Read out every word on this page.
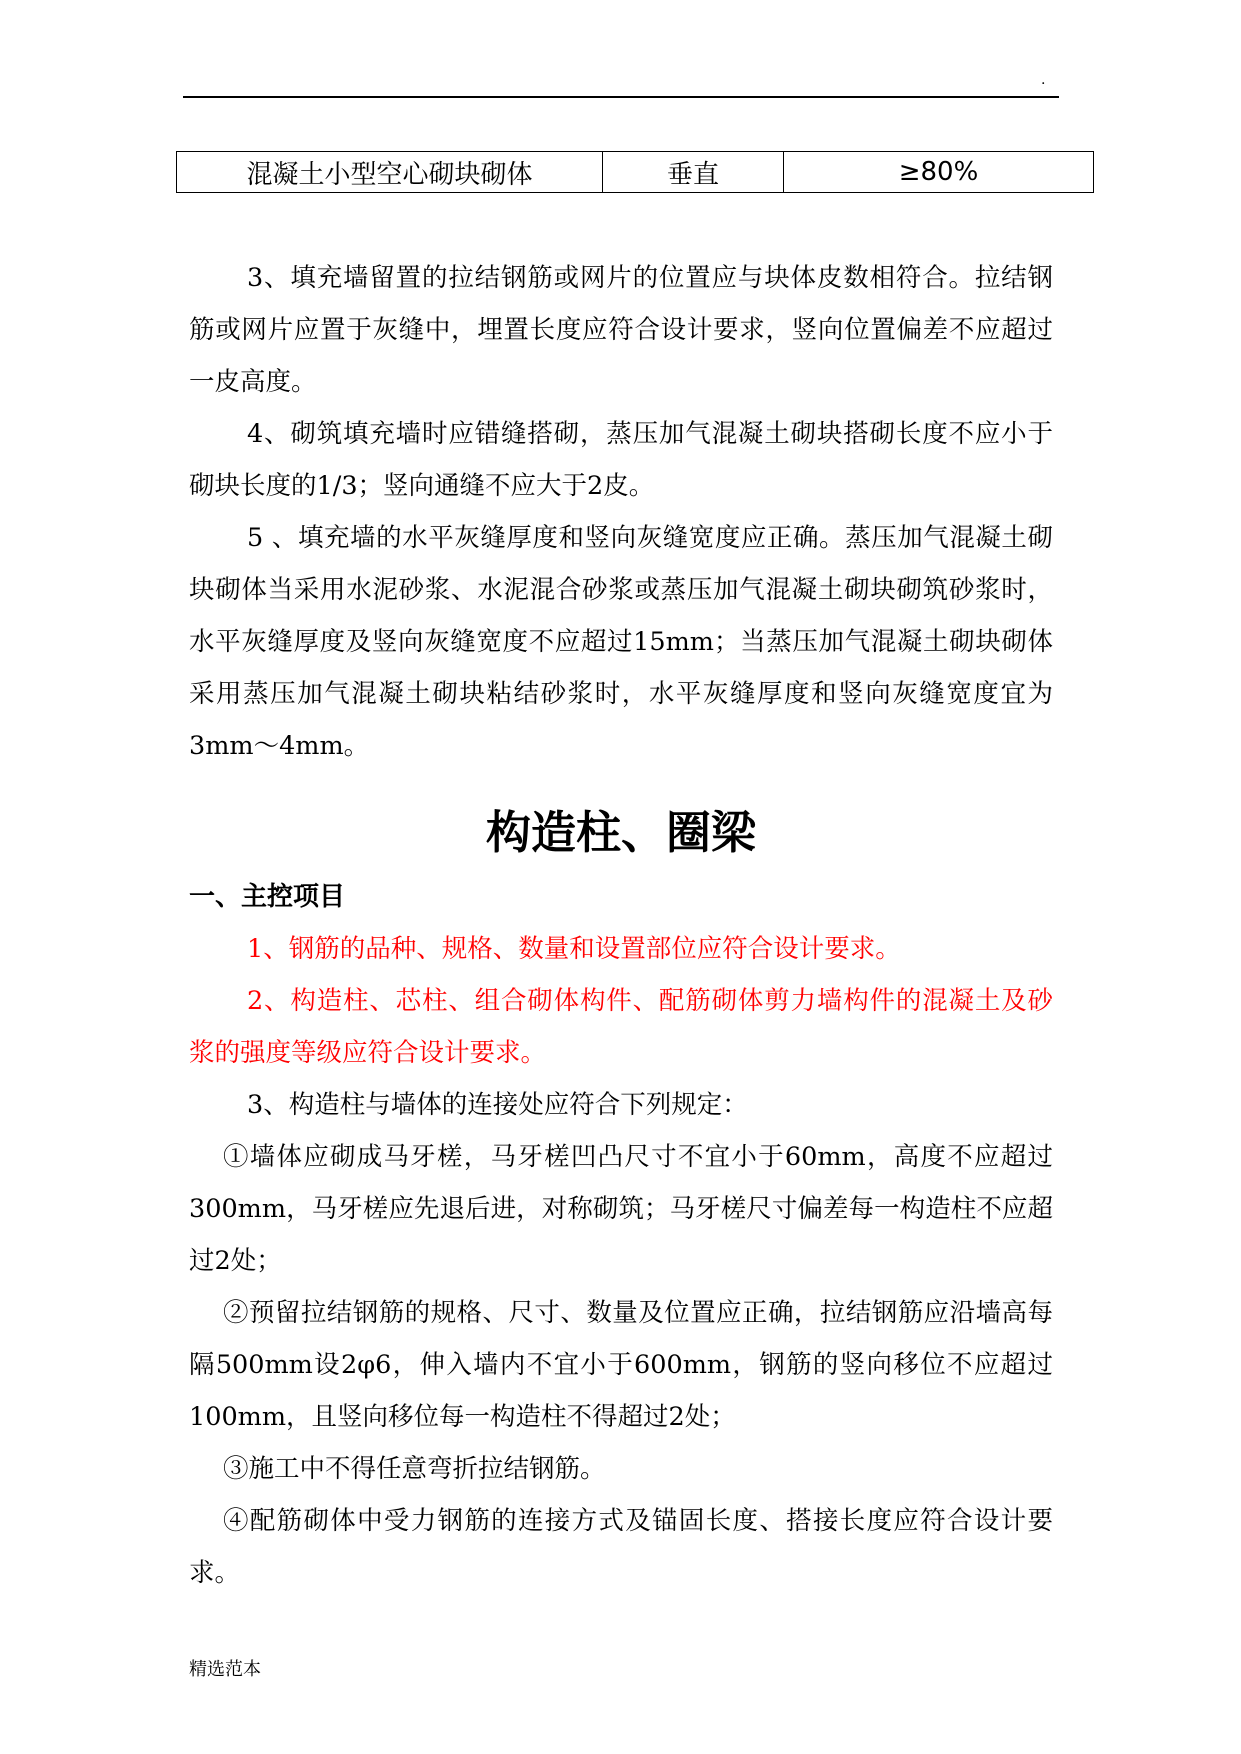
.
混凝土小型空心砌块砌体	垂直	≥80%

3、填充墙留置的拉结钢筋或网片的位置应与块体皮数相符合。拉结钢筋或网片应置于灰缝中，埋置长度应符合设计要求，竖向位置偏差不应超过一皮高度。

4、砌筑填充墙时应错缝搭砌，蒸压加气混凝土砌块搭砌长度不应小于砌块长度的1/3；竖向通缝不应大于2皮。

5 、填充墙的水平灰缝厚度和竖向灰缝宽度应正确。蒸压加气混凝土砌块砌体当采用水泥砂浆、水泥混合砂浆或蒸压加气混凝土砌块砌筑砂浆时，水平灰缝厚度及竖向灰缝宽度不应超过15mm；当蒸压加气混凝土砌块砌体采用蒸压加气混凝土砌块粘结砂浆时，水平灰缝厚度和竖向灰缝宽度宜为3mm～4mm。

构造柱、圈梁

一、主控项目

1、钢筋的品种、规格、数量和设置部位应符合设计要求。

2、构造柱、芯柱、组合砌体构件、配筋砌体剪力墙构件的混凝土及砂浆的强度等级应符合设计要求。

3、构造柱与墙体的连接处应符合下列规定：

①墙体应砌成马牙槎，马牙槎凹凸尺寸不宜小于60mm，高度不应超过300mm，马牙槎应先退后进，对称砌筑；马牙槎尺寸偏差每一构造柱不应超过2处；

②预留拉结钢筋的规格、尺寸、数量及位置应正确，拉结钢筋应沿墙高每隔500mm设2φ6，伸入墙内不宜小于600mm，钢筋的竖向移位不应超过100mm，且竖向移位每一构造柱不得超过2处；

③施工中不得任意弯折拉结钢筋。

④配筋砌体中受力钢筋的连接方式及锚固长度、搭接长度应符合设计要求。

精选范本
